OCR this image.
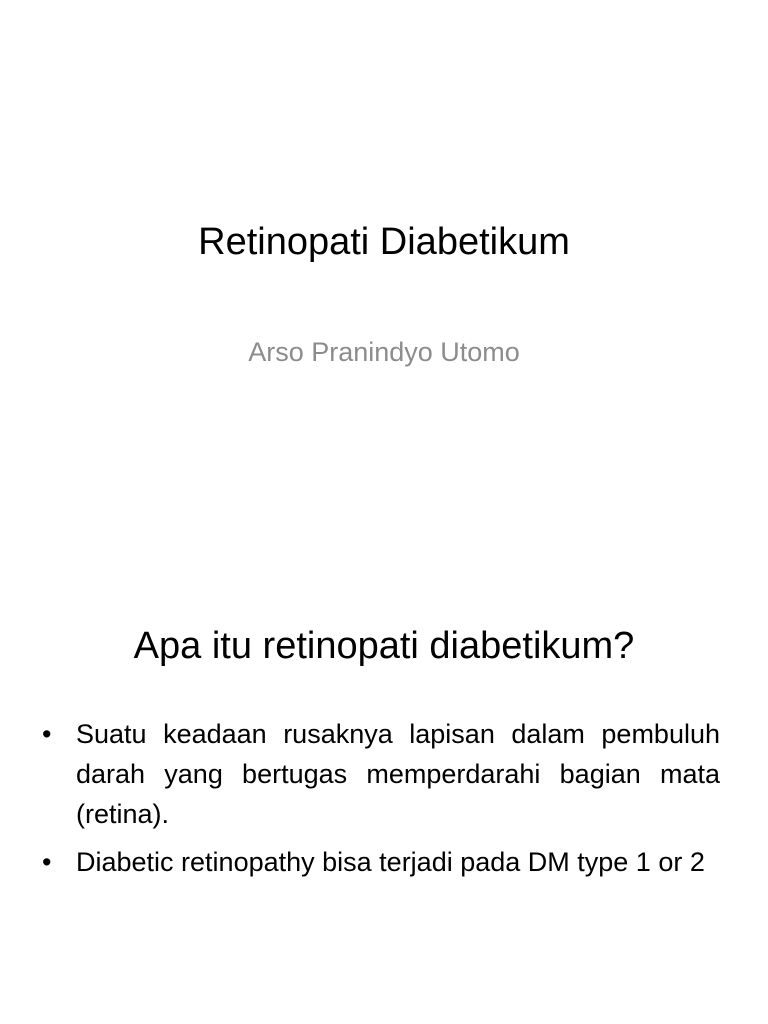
Retinopati Diabetikum
Arso Pranindyo Utomo
Apa itu retinopati diabetikum?
• Suatu keadaan rusaknya lapisan dalam pembuluh darah yang bertugas memperdarahi bagian mata (retina).
• Diabetic retinopathy bisa terjadi pada DM type 1 or 2
